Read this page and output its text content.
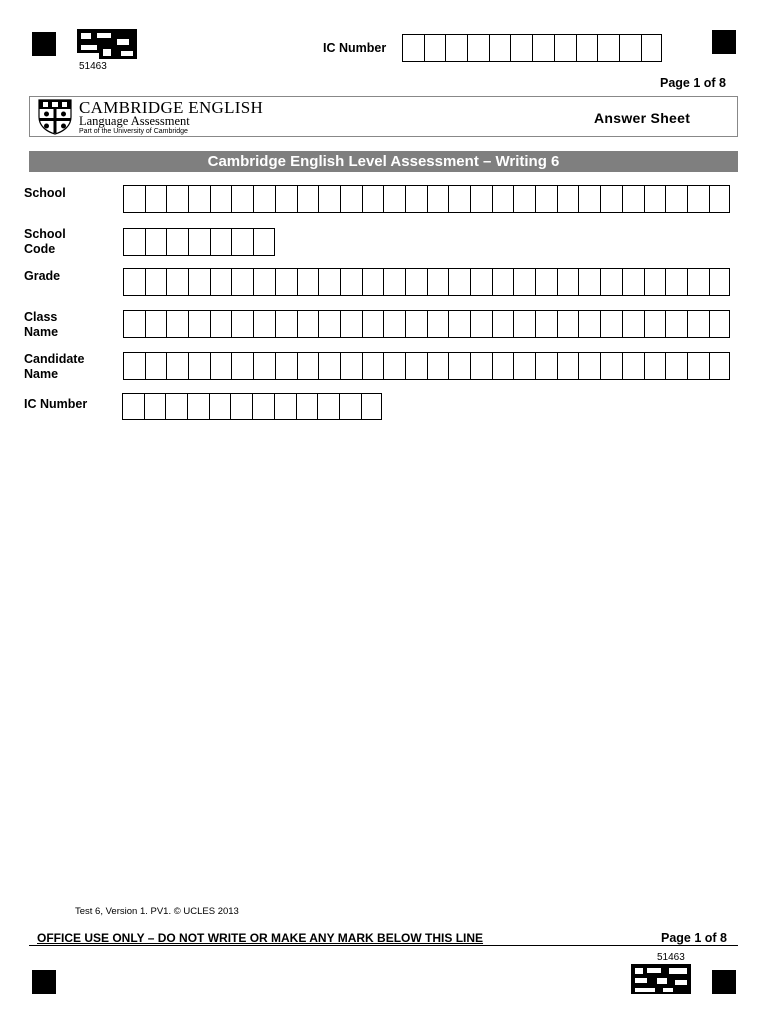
51463
IC Number
Page 1 of 8
CAMBRIDGE ENGLISH
Language Assessment
Part of the University of Cambridge
Answer Sheet
Cambridge English Level Assessment – Writing 6
School
School
Code
Grade
Class
Name
Candidate
Name
IC Number
Test 6, Version 1. PV1. © UCLES 2013
OFFICE USE ONLY – DO NOT WRITE OR MAKE ANY MARK BELOW THIS LINE	Page 1 of 8
51463
